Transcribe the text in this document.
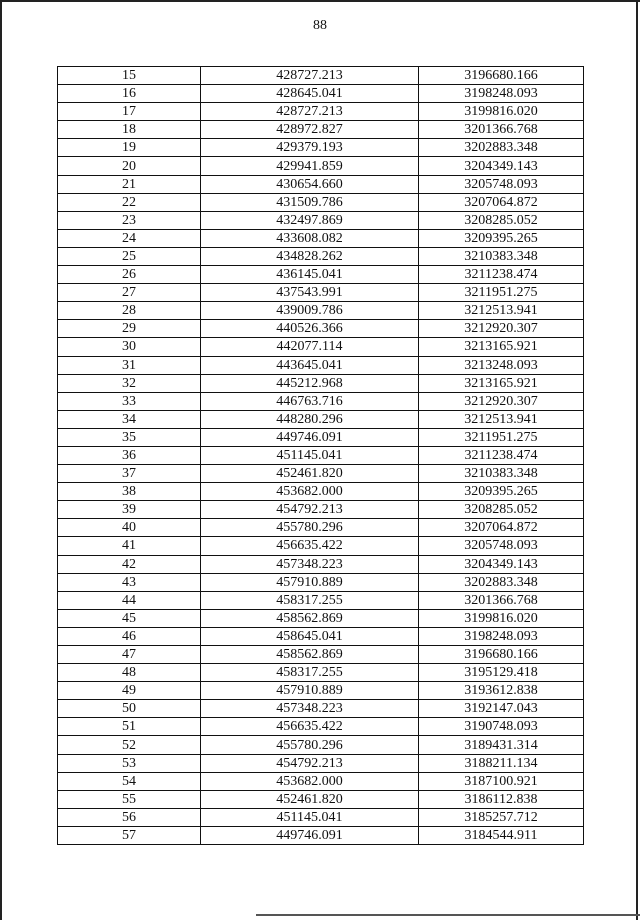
88
15	428727.213	3196680.166
16	428645.041	3198248.093
17	428727.213	3199816.020
18	428972.827	3201366.768
19	429379.193	3202883.348
20	429941.859	3204349.143
21	430654.660	3205748.093
22	431509.786	3207064.872
23	432497.869	3208285.052
24	433608.082	3209395.265
25	434828.262	3210383.348
26	436145.041	3211238.474
27	437543.991	3211951.275
28	439009.786	3212513.941
29	440526.366	3212920.307
30	442077.114	3213165.921
31	443645.041	3213248.093
32	445212.968	3213165.921
33	446763.716	3212920.307
34	448280.296	3212513.941
35	449746.091	3211951.275
36	451145.041	3211238.474
37	452461.820	3210383.348
38	453682.000	3209395.265
39	454792.213	3208285.052
40	455780.296	3207064.872
41	456635.422	3205748.093
42	457348.223	3204349.143
43	457910.889	3202883.348
44	458317.255	3201366.768
45	458562.869	3199816.020
46	458645.041	3198248.093
47	458562.869	3196680.166
48	458317.255	3195129.418
49	457910.889	3193612.838
50	457348.223	3192147.043
51	456635.422	3190748.093
52	455780.296	3189431.314
53	454792.213	3188211.134
54	453682.000	3187100.921
55	452461.820	3186112.838
56	451145.041	3185257.712
57	449746.091	3184544.911
